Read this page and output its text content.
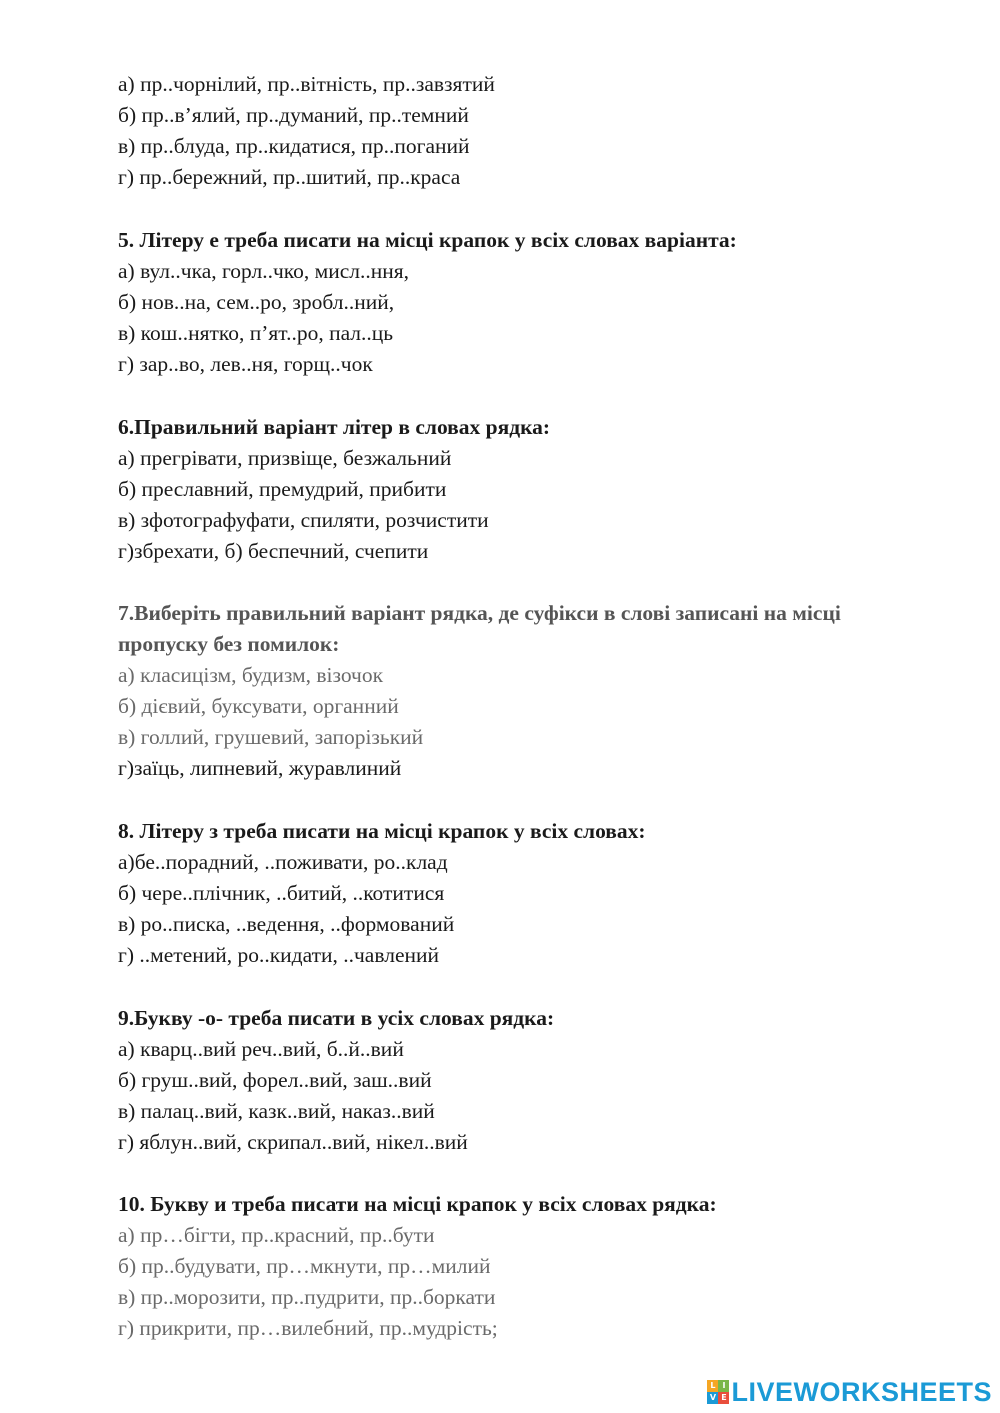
а) пр..чорнілий, пр..вітність, пр..завзятий
б) пр..в’ялий, пр..думаний, пр..темний
в) пр..блуда, пр..кидатися, пр..поганий
г) пр..бережний, пр..шитий, пр..краса
5. Літеру е треба писати на місці крапок у всіх словах варіанта:
а) вул..чка, горл..чко, мисл..ння,
б) нов..на, сем..ро, зробл..ний,
в) кош..нятко, п’ят..ро, пал..ць
г) зар..во, лев..ня, горщ..чок
6.Правильний варіант літер в словах рядка:
а) прегрівати, призвіще, безжальний
б) преславний, премудрий, прибити
в) зфотографуфати, спиляти, розчистити
г)збрехати, б) беспечний, счепити
7.Виберіть правильний варіант рядка, де суфікси в слові записані на місці
пропуску без помилок:
а) класицізм, будизм, візочок
б) дієвий, буксувати, органний
в) голлий, грушевий, запорізький
г)заїць, липневий, журавлиний
8. Літеру з треба писати на місці крапок у всіх словах:
а)бе..порадний, ..поживати, ро..клад
б) чере..плічник, ..битий, ..котитися
в) ро..писка, ..ведення, ..формований
г) ..метений, ро..кидати, ..чавлений
9.Букву -о- треба писати в усіх словах рядка:
а) кварц..вий реч..вий, б..й..вий
б) груш..вий, форел..вий, заш..вий
в) палац..вий, казк..вий, наказ..вий
г) яблун..вий, скрипал..вий, нікел..вий
10. Букву и треба писати на місці крапок у всіх словах рядка:
а) пр…бігти, пр..красний, пр..бути
б) пр..будувати, пр…мкнути, пр…милий
в) пр..морозити, пр..пудрити, пр..боркати
г) прикрити, пр…вилебний, пр..мудрість;
L I
V E LIVEWORKSHEETS
